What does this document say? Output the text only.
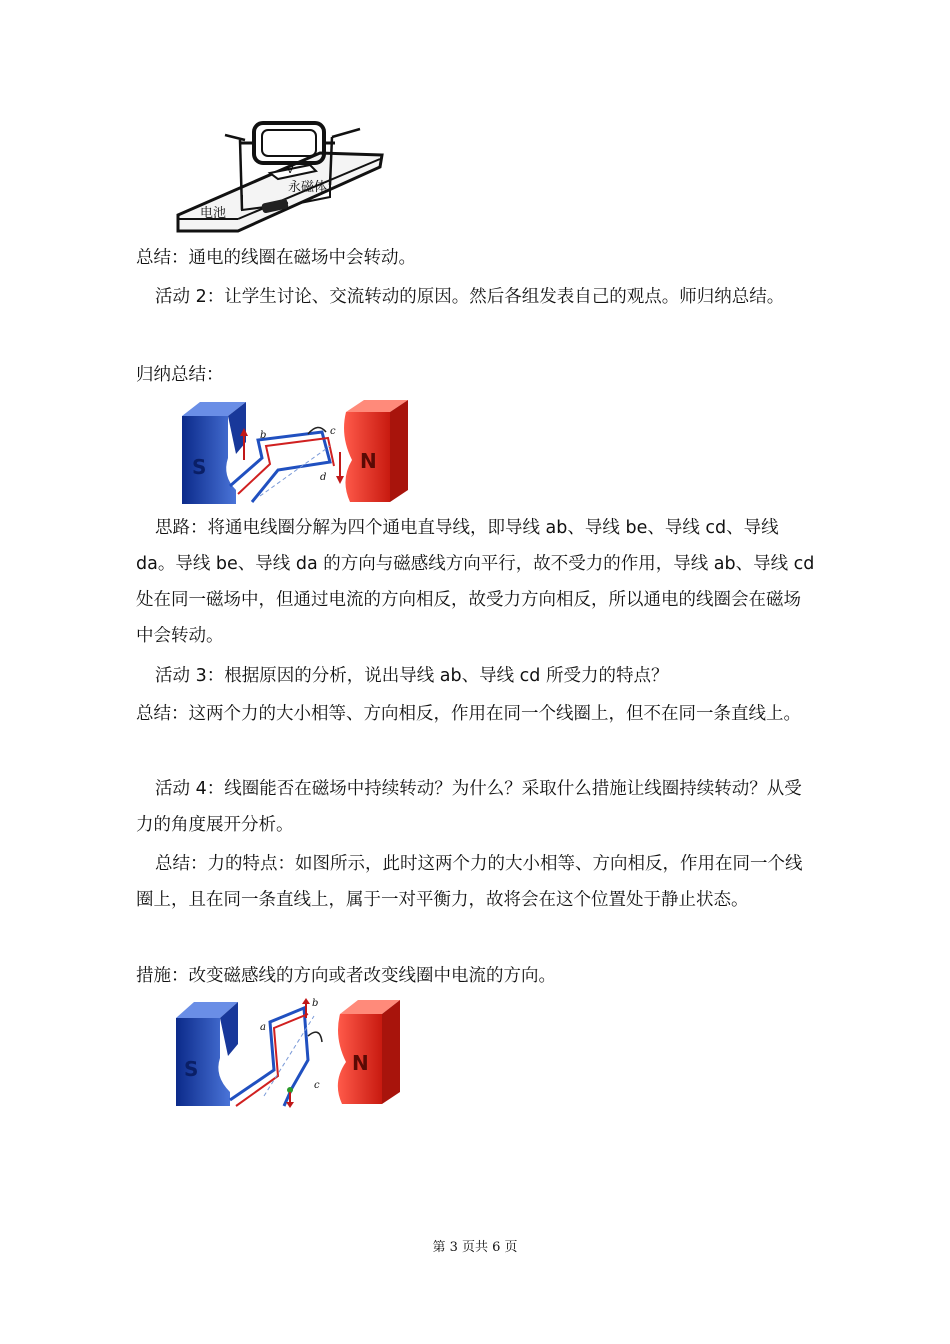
V
永磁体
电池

总结：通电的线圈在磁场中会转动。

活动 2：让学生讨论、交流转动的原因。然后各组发表自己的观点。师归纳总结。

归纳总结：

S	N
b	c
d

思路：将通电线圈分解为四个通电直导线，即导线 ab、导线 be、导线 cd、导线 da。导线 be、导线 da 的方向与磁感线方向平行，故不受力的作用，导线 ab、导线 cd 处在同一磁场中，但通过电流的方向相反，故受力方向相反，所以通电的线圈会在磁场中会转动。

活动 3：根据原因的分析，说出导线 ab、导线 cd 所受力的特点？

总结：这两个力的大小相等、方向相反，作用在同一个线圈上，但不在同一条直线上。

活动 4：线圈能否在磁场中持续转动？为什么？采取什么措施让线圈持续转动？从受力的角度展开分析。

总结：力的特点：如图所示，此时这两个力的大小相等、方向相反，作用在同一个线圈上，且在同一条直线上，属于一对平衡力，故将会在这个位置处于静止状态。

措施：改变磁感线的方向或者改变线圈中电流的方向。

S	N
a
b
c
第 3 页共 6 页
